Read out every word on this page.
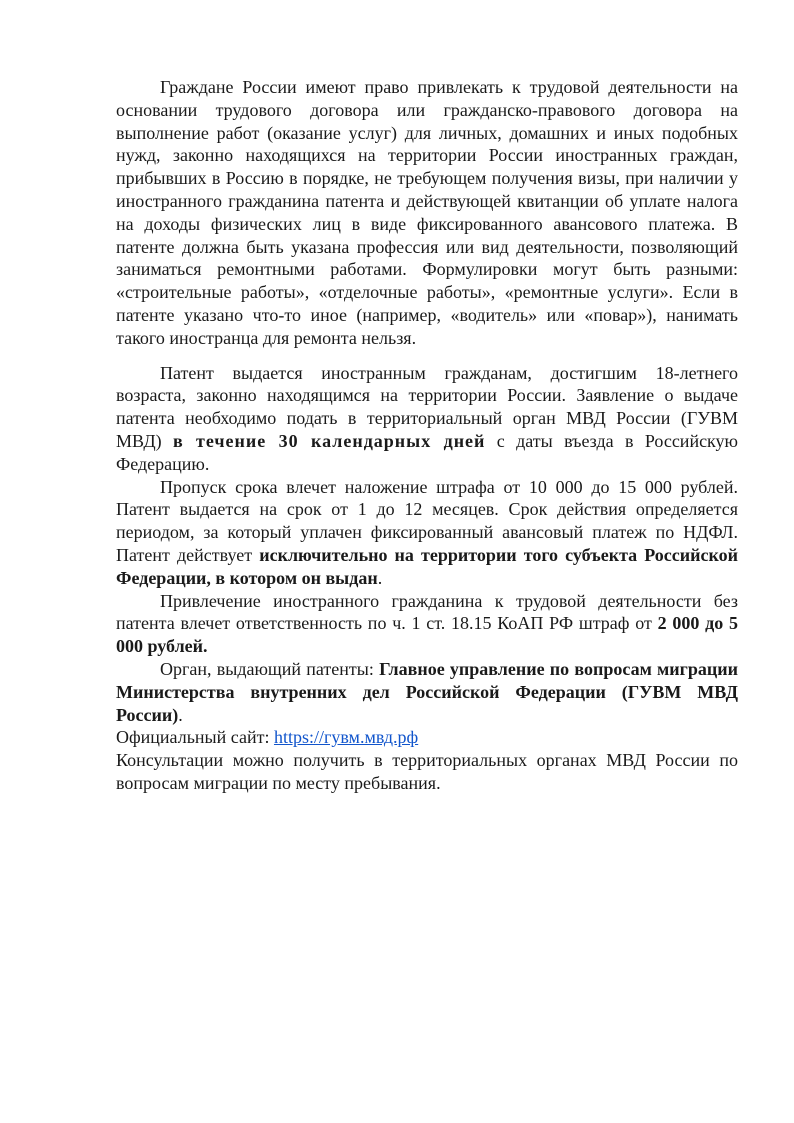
Граждане России имеют право привлекать к трудовой деятельности на основании трудового договора или гражданско-правового договора на выполнение работ (оказание услуг) для личных, домашних и иных подобных нужд, законно находящихся на территории России иностранных граждан, прибывших в Россию в порядке, не требующем получения визы, при наличии у иностранного гражданина патента и действующей квитанции об уплате налога на доходы физических лиц в виде фиксированного авансового платежа. В патенте должна быть указана профессия или вид деятельности, позволяющий заниматься ремонтными работами. Формулировки могут быть разными: «строительные работы», «отделочные работы», «ремонтные услуги». Если в патенте указано что-то иное (например, «водитель» или «повар»), нанимать такого иностранца для ремонта нельзя.

Патент выдается иностранным гражданам, достигшим 18-летнего возраста, законно находящимся на территории России. Заявление о выдаче патента необходимо подать в территориальный орган МВД России (ГУВМ МВД) в течение 30 календарных дней с даты въезда в Российскую Федерацию.

Пропуск срока влечет наложение штрафа от 10 000 до 15 000 рублей. Патент выдается на срок от 1 до 12 месяцев. Срок действия определяется периодом, за который уплачен фиксированный авансовый платеж по НДФЛ. Патент действует исключительно на территории того субъекта Российской Федерации, в котором он выдан.

Привлечение иностранного гражданина к трудовой деятельности без патента влечет ответственность по ч. 1 ст. 18.15 КоАП РФ штраф от 2 000 до 5 000 рублей.

Орган, выдающий патенты: Главное управление по вопросам миграции Министерства внутренних дел Российской Федерации (ГУВМ МВД России).

Официальный сайт: https://гувм.мвд.рф

Консультации можно получить в территориальных органах МВД России по вопросам миграции по месту пребывания.
